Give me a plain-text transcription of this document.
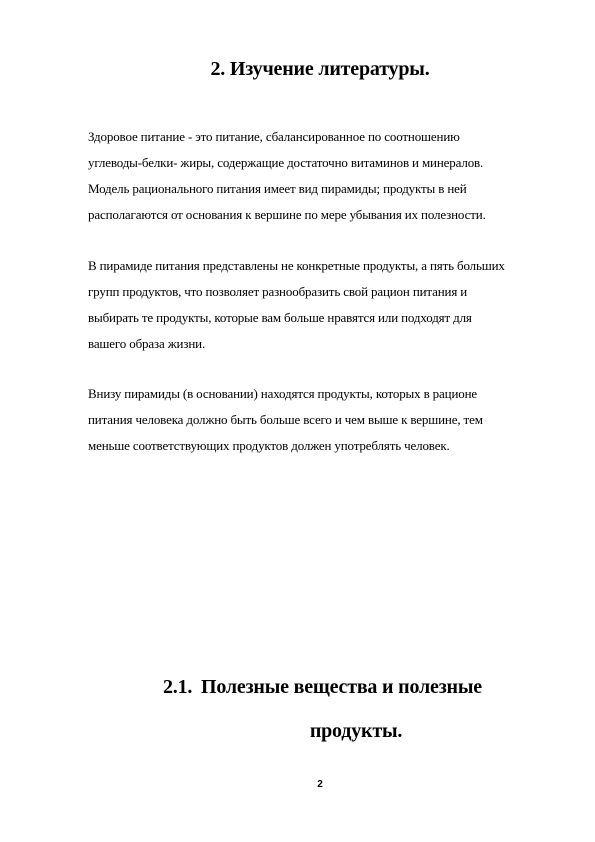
2. Изучение литературы.

Здоровое питание - это питание, сбалансированное по соотношению
углеводы-белки- жиры, содержащие достаточно витаминов и минералов.
Модель рационального питания имеет вид пирамиды; продукты в ней
располагаются от основания к вершине по мере убывания их полезности.

В пирамиде питания представлены не конкретные продукты, а пять больших
групп продуктов, что позволяет разнообразить свой рацион питания и
выбирать те продукты, которые вам больше нравятся или подходят для
вашего образа жизни.

Внизу пирамиды (в основании) находятся продукты, которых в рационе
питания человека должно быть больше всего и чем выше к вершине, тем
меньше соответствующих продуктов должен употреблять человек.

2.1. Полезные вещества и полезные
продукты.
2
